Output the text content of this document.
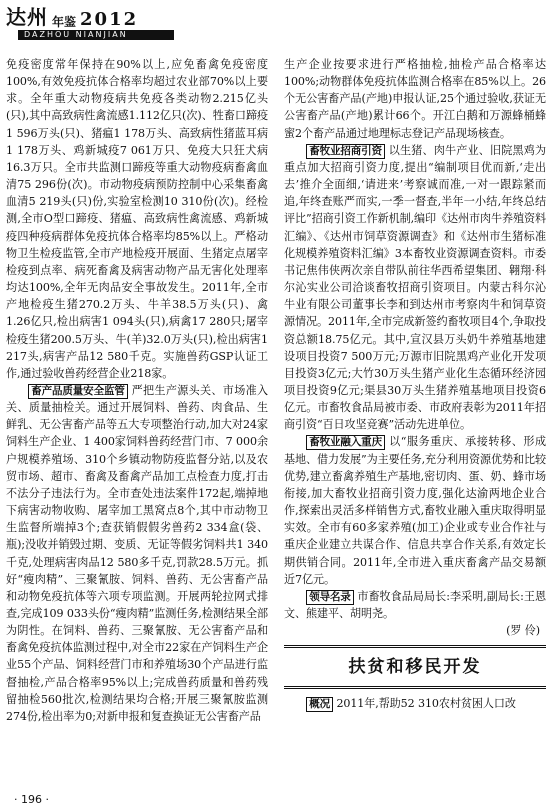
达州 年鉴 2012
DAZHOU NIANJIAN

免疫密度常年保持在90%以上,应免畜禽免疫密度100%,有效免疫抗体合格率均超过农业部70%以上要求。全年重大动物疫病共免疫各类动物2.215亿头(只),其中高致病性禽流感1.112亿只(次)、牲畜口蹄疫1 596万头(只)、猪瘟1 178万头、高致病性猪蓝耳病1 178万头、鸡新城疫7 061万只、免疫大只狂犬病16.3万只。全市共监测口蹄疫等重大动物疫病畜禽血清75 296份(次)。市动物疫病预防控制中心采集畜禽血清5 219头(只)份,实验室检测10 310份(次)。经检测,全市O型口蹄疫、猪瘟、高致病性禽流感、鸡新城疫四种疫病群体免疫抗体合格率均85%以上。严格动物卫生检疫监管,全市产地检疫开展面、生猪定点屠宰检疫到点率、病死畜禽及病害动物产品无害化处理率均达100%,全年无肉品安全事故发生。2011年,全市产地检疫生猪270.2万头、牛羊38.5万头(只)、禽1.26亿只,检出病害1 094头(只),病禽17 280只;屠宰检疫生猪200.5万头、牛(羊)32.0万头(只),检出病害1 217头,病害产品12 580千克。实施兽药GSP认证工作,通过验收兽药经营企业218家。

畜产品质量安全监管 严把生产源头关、市场准入关、质量抽检关。通过开展饲料、兽药、肉食品、生鲜乳、无公害畜产品等五大专项整治行动,加大对24家饲料生产企业、1 400家饲料兽药经营门市、7 000余户规模养殖场、310个乡镇动物防疫监督分站,以及农贸市场、超市、畜禽及畜禽产品加工点检查力度,打击不法分子违法行为。全市查处违法案件172起,端掉地下病害动物收购、屠宰加工黑窝点8个,其中市动物卫生监督所端掉3个;查获销假假劣兽药2 334盒(袋、瓶);没收并销毁过期、变质、无证等假劣饲料共1 340千克,处理病害肉品12 580多千克,罚款28.5万元。抓好“瘦肉精”、三聚氰胺、饲料、兽药、无公害畜产品和动物免疫抗体等六项专项监测。开展两轮拉网式排查,完成109 033头份“瘦肉精”监测任务,检测结果全部为阴性。在饲料、兽药、三聚氰胺、无公害畜产品和畜禽免疫抗体监测过程中,对全市22家在产饲料生产企业55个产品、饲料经营门市和养殖场30个产品进行监督抽检,产品合格率95%以上;完成兽药质量和兽药残留抽检560批次,检测结果均合格;开展三聚氰胺监测274份,检出率为0;对新申报和复查换证无公害畜产品

生产企业按要求进行严格抽检,抽检产品合格率达100%;动物群体免疫抗体监测合格率在85%以上。26个无公害畜产品(产地)申报认证,25个通过验收,获证无公害畜产品(产地)累计66个。开江白鹅和万源蜂桶蜂蜜2个畜产品通过地理标志登记产品现场核查。

畜牧业招商引资 以生猪、肉牛产业、旧院黑鸡为重点加大招商引资力度,提出“编制项目优而新,‘走出去’推介全面细,‘请进来’考察诚而准,一对一跟踪紧而追,年终查账严而实,一季一督查,半年一小结,年终总结评比”招商引资工作新机制,编印《达州市肉牛养殖资料汇编》、《达州市饲草资源调查》和《达州市生猪标准化规模养殖资料汇编》3本畜牧业资源调查资料。市委书记焦伟侠两次亲自带队前往华西希望集团、翱翔·科尔沁实业公司洽谈畜牧招商引资项目。内蒙古科尔沁牛业有限公司董事长李和到达州市考察肉牛和饲草资源情况。2011年,全市完成新签约畜牧项目4个,争取投资总额18.75亿元。其中,宣汉县万头奶牛养殖基地建设项目投资7 500万元;万源市旧院黑鸡产业化开发项目投资3亿元;大竹30万头生猪产业化生态循环经济园项目投资9亿元;渠县30万头生猪养殖基地项目投资6亿元。市畜牧食品局被市委、市政府表彰为2011年招商引资“百日攻坚竞赛”活动先进单位。

畜牧业融入重庆 以“服务重庆、承接转移、形成基地、借力发展”为主要任务,充分利用资源优势和比较优势,建立畜禽养殖生产基地,密切肉、蛋、奶、蜂市场衔接,加大畜牧业招商引资力度,强化达渝两地企业合作,探索出灵活多样销售方式,畜牧业融入重庆取得明显实效。全市有60多家养殖(加工)企业或专业合作社与重庆企业建立共谋合作、信息共享合作关系,有效定长期供销合同。2011年,全市进入重庆畜禽产品交易额近7亿元。

领导名录 市畜牧食品局局长:李采明,副局长:王恩文、熊建平、胡明尧。

(罗 伶)

扶贫和移民开发

概况 2011年,帮助52 310农村贫困人口改

· 196 ·
